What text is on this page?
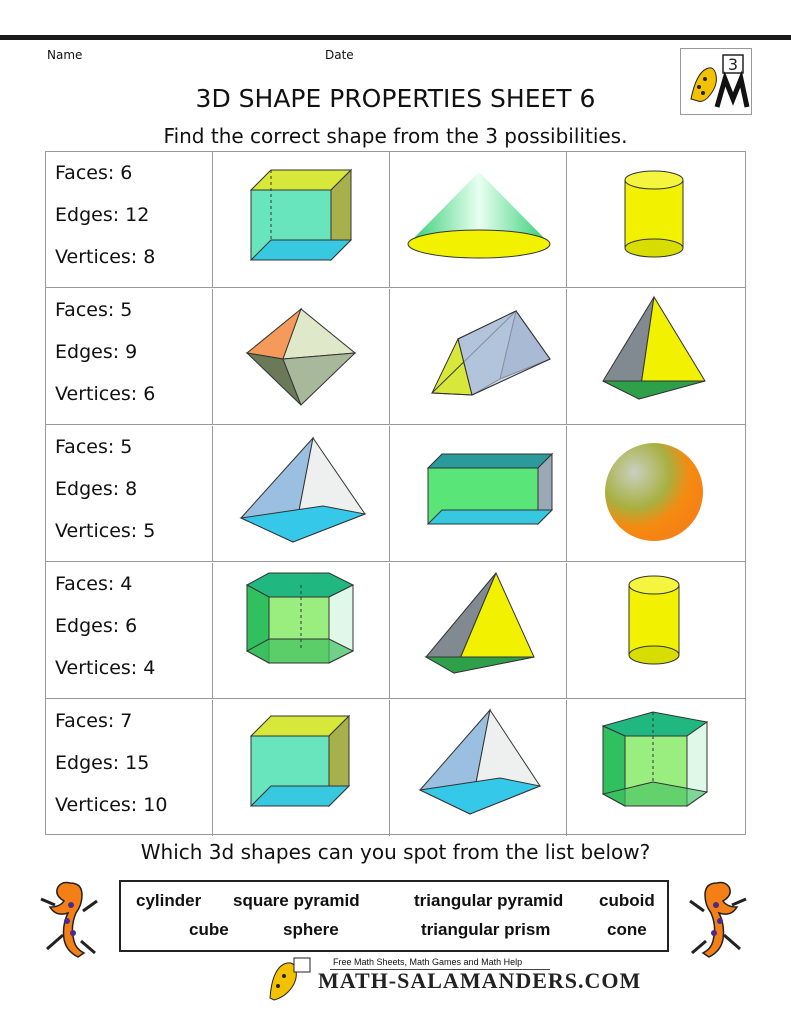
Name	Date	3
3D SHAPE PROPERTIES SHEET 6
Find the correct shape from the 3 possibilities.
Faces: 6
Edges: 12
Vertices: 8
Faces: 5
Edges: 9
Vertices: 6
Faces: 5
Edges: 8
Vertices: 5
Faces: 4
Edges: 6
Vertices: 4
Faces: 7
Edges: 15
Vertices: 10
Which 3d shapes can you spot from the list below?
cylinder square pyramid	triangular pyramid cuboid
cube	sphere	triangular prism	cone
Free Math Sheets, Math Games and Math Help
MATH-SALAMANDERS.COM
